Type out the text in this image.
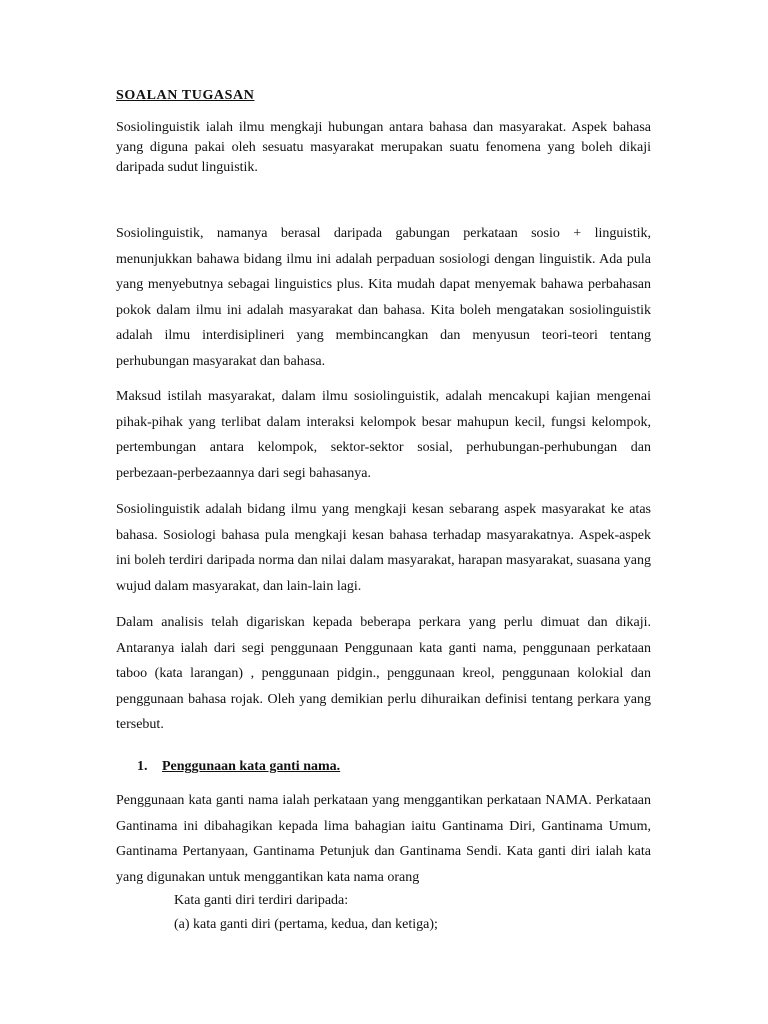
SOALAN TUGASAN

Sosiolinguistik ialah ilmu mengkaji hubungan antara bahasa dan masyarakat. Aspek bahasa yang diguna pakai oleh sesuatu masyarakat merupakan suatu fenomena yang boleh dikaji daripada sudut linguistik.

Sosiolinguistik, namanya berasal daripada gabungan perkataan sosio + linguistik, menunjukkan bahawa bidang ilmu ini adalah perpaduan sosiologi dengan linguistik. Ada pula yang menyebutnya sebagai linguistics plus. Kita mudah dapat menyemak bahawa perbahasan pokok dalam ilmu ini adalah masyarakat dan bahasa. Kita boleh mengatakan sosiolinguistik adalah ilmu interdisiplineri yang membincangkan dan menyusun teori-teori tentang perhubungan masyarakat dan bahasa.

Maksud istilah masyarakat, dalam ilmu sosiolinguistik, adalah mencakupi kajian mengenai pihak-pihak yang terlibat dalam interaksi kelompok besar mahupun kecil, fungsi kelompok, pertembungan antara kelompok, sektor-sektor sosial, perhubungan-perhubungan dan perbezaan-perbezaannya dari segi bahasanya.

Sosiolinguistik adalah bidang ilmu yang mengkaji kesan sebarang aspek masyarakat ke atas bahasa. Sosiologi bahasa pula mengkaji kesan bahasa terhadap masyarakatnya. Aspek-aspek ini boleh terdiri daripada norma dan nilai dalam masyarakat, harapan masyarakat, suasana yang wujud dalam masyarakat, dan lain-lain lagi.

Dalam analisis telah digariskan kepada beberapa perkara yang perlu dimuat dan dikaji. Antaranya ialah dari segi penggunaan Penggunaan kata ganti nama, penggunaan perkataan taboo (kata larangan) , penggunaan pidgin., penggunaan kreol, penggunaan kolokial dan penggunaan bahasa rojak. Oleh yang demikian perlu dihuraikan definisi tentang perkara yang tersebut.

1. Penggunaan kata ganti nama.

Penggunaan kata ganti nama ialah perkataan yang menggantikan perkataan NAMA. Perkataan Gantinama ini dibahagikan kepada lima bahagian iaitu Gantinama Diri, Gantinama Umum, Gantinama Pertanyaan, Gantinama Petunjuk dan Gantinama Sendi. Kata ganti diri ialah kata yang digunakan untuk menggantikan kata nama orang

Kata ganti diri terdiri daripada:

(a) kata ganti diri (pertama, kedua, dan ketiga);
